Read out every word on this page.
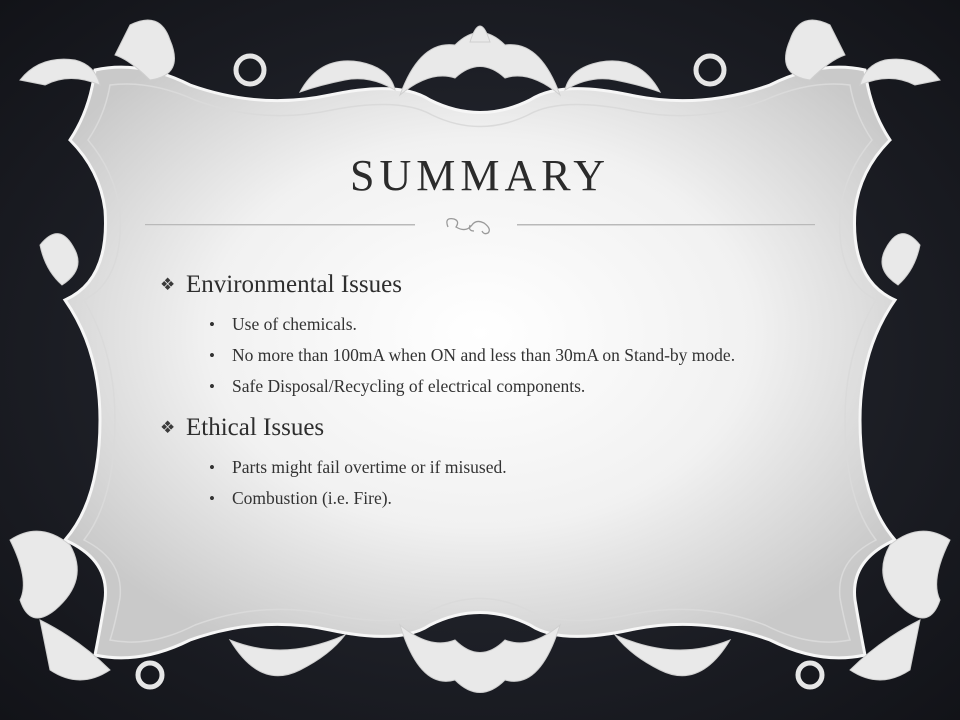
SUMMARY
❖ Environmental Issues
• Use of chemicals.
• No more than 100mA when ON and less than 30mA on Stand-by mode.
• Safe Disposal/Recycling of electrical components.
❖ Ethical Issues
• Parts might fail overtime or if misused.
• Combustion (i.e. Fire).
